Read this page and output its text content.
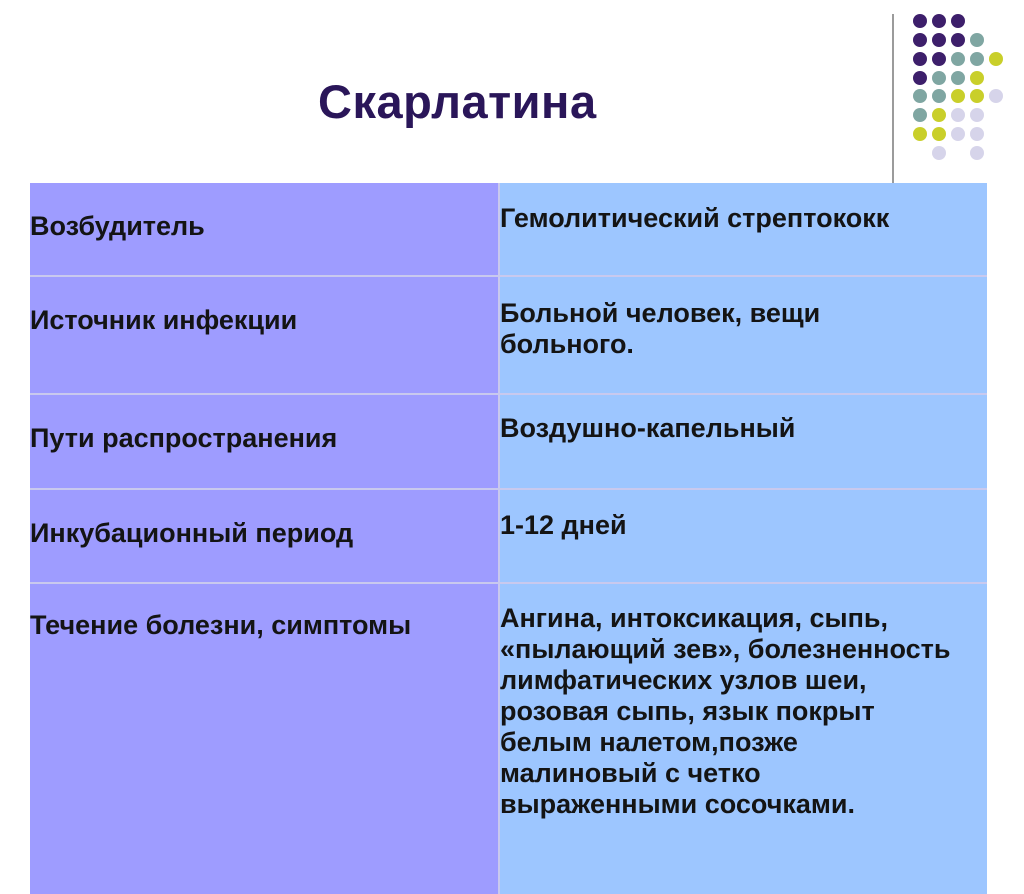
Скарлатина
Возбудитель	Гемолитический стрептококк

Источник инфекции	Больной человек, вещи больного.

Пути распространения	Воздушно-капельный

Инкубационный период	1-12 дней

Течение болезни, симптомы	Ангина, интоксикация, сыпь, «пылающий зев», болезненность лимфатических узлов шеи, розовая сыпь, язык покрыт белым налетом,позже малиновый с четко выраженными сосочками.
